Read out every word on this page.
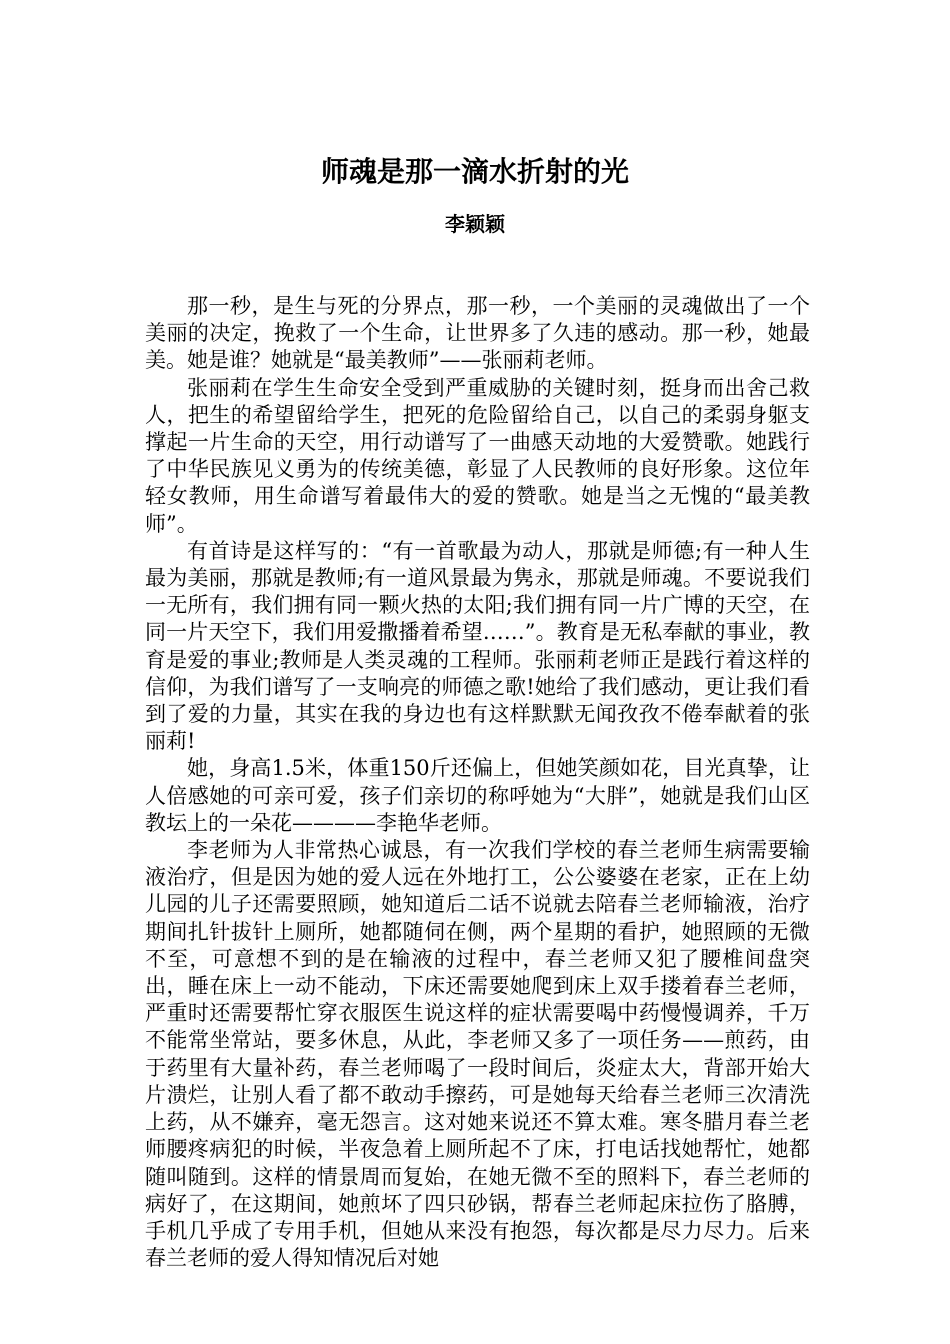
师魂是那一滴水折射的光
李颖颖

那一秒，是生与死的分界点，那一秒，一个美丽的灵魂做出了一个美丽的决定，挽救了一个生命，让世界多了久违的感动。那一秒，她最美。她是谁？她就是“最美教师”——张丽莉老师。

张丽莉在学生生命安全受到严重威胁的关键时刻，挺身而出舍己救人，把生的希望留给学生，把死的危险留给自己，以自己的柔弱身躯支撑起一片生命的天空，用行动谱写了一曲感天动地的大爱赞歌。她践行了中华民族见义勇为的传统美德，彰显了人民教师的良好形象。这位年轻女教师，用生命谱写着最伟大的爱的赞歌。她是当之无愧的“最美教师”。

有首诗是这样写的：“有一首歌最为动人，那就是师德;有一种人生最为美丽，那就是教师;有一道风景最为隽永，那就是师魂。不要说我们一无所有，我们拥有同一颗火热的太阳;我们拥有同一片广博的天空，在同一片天空下，我们用爱撒播着希望……”。教育是无私奉献的事业，教育是爱的事业;教师是人类灵魂的工程师。张丽莉老师正是践行着这样的信仰，为我们谱写了一支响亮的师德之歌!她给了我们感动，更让我们看到了爱的力量，其实在我的身边也有这样默默无闻孜孜不倦奉献着的张丽莉!

她，身高1.5米，体重150斤还偏上，但她笑颜如花，目光真挚，让人倍感她的可亲可爱，孩子们亲切的称呼她为“大胖”，她就是我们山区教坛上的一朵花————李艳华老师。

李老师为人非常热心诚恳，有一次我们学校的春兰老师生病需要输液治疗，但是因为她的爱人远在外地打工，公公婆婆在老家，正在上幼儿园的儿子还需要照顾，她知道后二话不说就去陪春兰老师输液，治疗期间扎针拔针上厕所，她都随伺在侧，两个星期的看护，她照顾的无微不至，可意想不到的是在输液的过程中，春兰老师又犯了腰椎间盘突出，睡在床上一动不能动，下床还需要她爬到床上双手搂着春兰老师，严重时还需要帮忙穿衣服医生说这样的症状需要喝中药慢慢调养，千万不能常坐常站，要多休息，从此，李老师又多了一项任务——煎药，由于药里有大量补药，春兰老师喝了一段时间后，炎症太大，背部开始大片溃烂，让别人看了都不敢动手擦药，可是她每天给春兰老师三次清洗上药，从不嫌弃，毫无怨言。这对她来说还不算太难。寒冬腊月春兰老师腰疼病犯的时候，半夜急着上厕所起不了床，打电话找她帮忙，她都随叫随到。这样的情景周而复始，在她无微不至的照料下，春兰老师的病好了，在这期间，她煎坏了四只砂锅，帮春兰老师起床拉伤了胳膊，手机几乎成了专用手机，但她从来没有抱怨，每次都是尽力尽力。后来春兰老师的爱人得知情况后对她
